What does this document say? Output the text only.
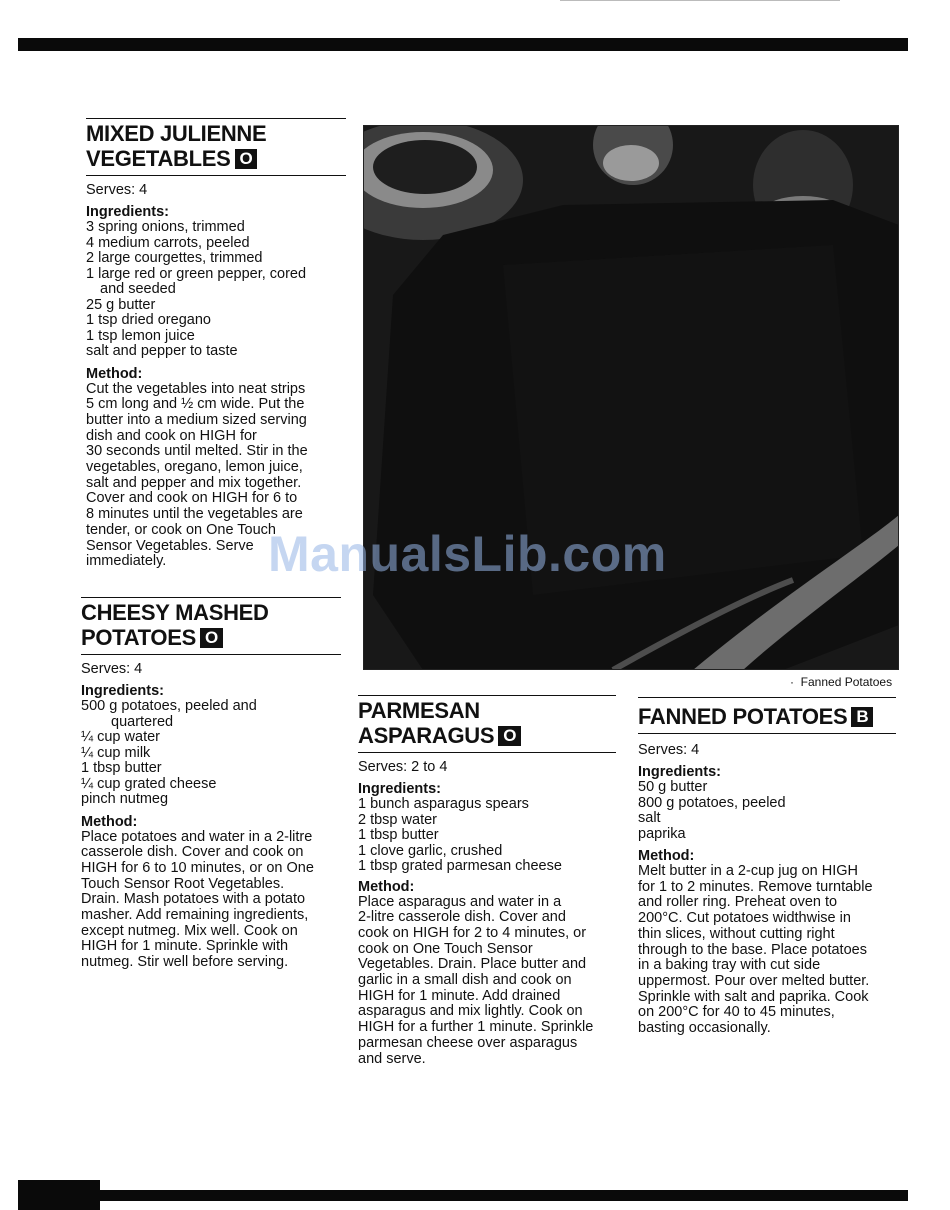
MIXED JULIENNE
VEGETABLES O
Serves: 4
Ingredients:
3 spring onions, trimmed
4 medium carrots, peeled
2 large courgettes, trimmed
1 large red or green pepper, cored
and seeded
25 g butter
1 tsp dried oregano
1 tsp lemon juice
salt and pepper to taste
Method:
Cut the vegetables into neat strips
5 cm long and ½ cm wide. Put the
butter into a medium sized serving
dish and cook on HIGH for
30 seconds until melted. Stir in the
vegetables, oregano, lemon juice,
salt and pepper and mix together.
Cover and cook on HIGH for 6 to
8 minutes until the vegetables are
tender, or cook on One Touch
Sensor Vegetables. Serve
immediately.
CHEESY MASHED
POTATOES O
Serves: 4
Ingredients:
500 g potatoes, peeled and
quartered
¼ cup water
¼ cup milk
1 tbsp butter
¼ cup grated cheese
pinch nutmeg
Method:
Place potatoes and water in a 2-litre
casserole dish. Cover and cook on
HIGH for 6 to 10 minutes, or on One
Touch Sensor Root Vegetables.
Drain. Mash potatoes with a potato
masher. Add remaining ingredients,
except nutmeg. Mix well. Cook on
HIGH for 1 minute. Sprinkle with
nutmeg. Stir well before serving.
·  Fanned Potatoes
PARMESAN
ASPARAGUS O
Serves: 2 to 4
Ingredients:
1 bunch asparagus spears
2 tbsp water
1 tbsp butter
1 clove garlic, crushed
1 tbsp grated parmesan cheese
Method:
Place asparagus and water in a
2-litre casserole dish. Cover and
cook on HIGH for 2 to 4 minutes, or
cook on One Touch Sensor
Vegetables. Drain. Place butter and
garlic in a small dish and cook on
HIGH for 1 minute. Add drained
asparagus and mix lightly. Cook on
HIGH for a further 1 minute. Sprinkle
parmesan cheese over asparagus
and serve.
FANNED POTATOES B
Serves: 4
Ingredients:
50 g butter
800 g potatoes, peeled
salt
paprika
Method:
Melt butter in a 2-cup jug on HIGH
for 1 to 2 minutes. Remove turntable
and roller ring. Preheat oven to
200°C. Cut potatoes widthwise in
thin slices, without cutting right
through to the base. Place potatoes
in a baking tray with cut side
uppermost. Pour over melted butter.
Sprinkle with salt and paprika. Cook
on 200°C for 40 to 45 minutes,
basting occasionally.
ManualsLib.com
